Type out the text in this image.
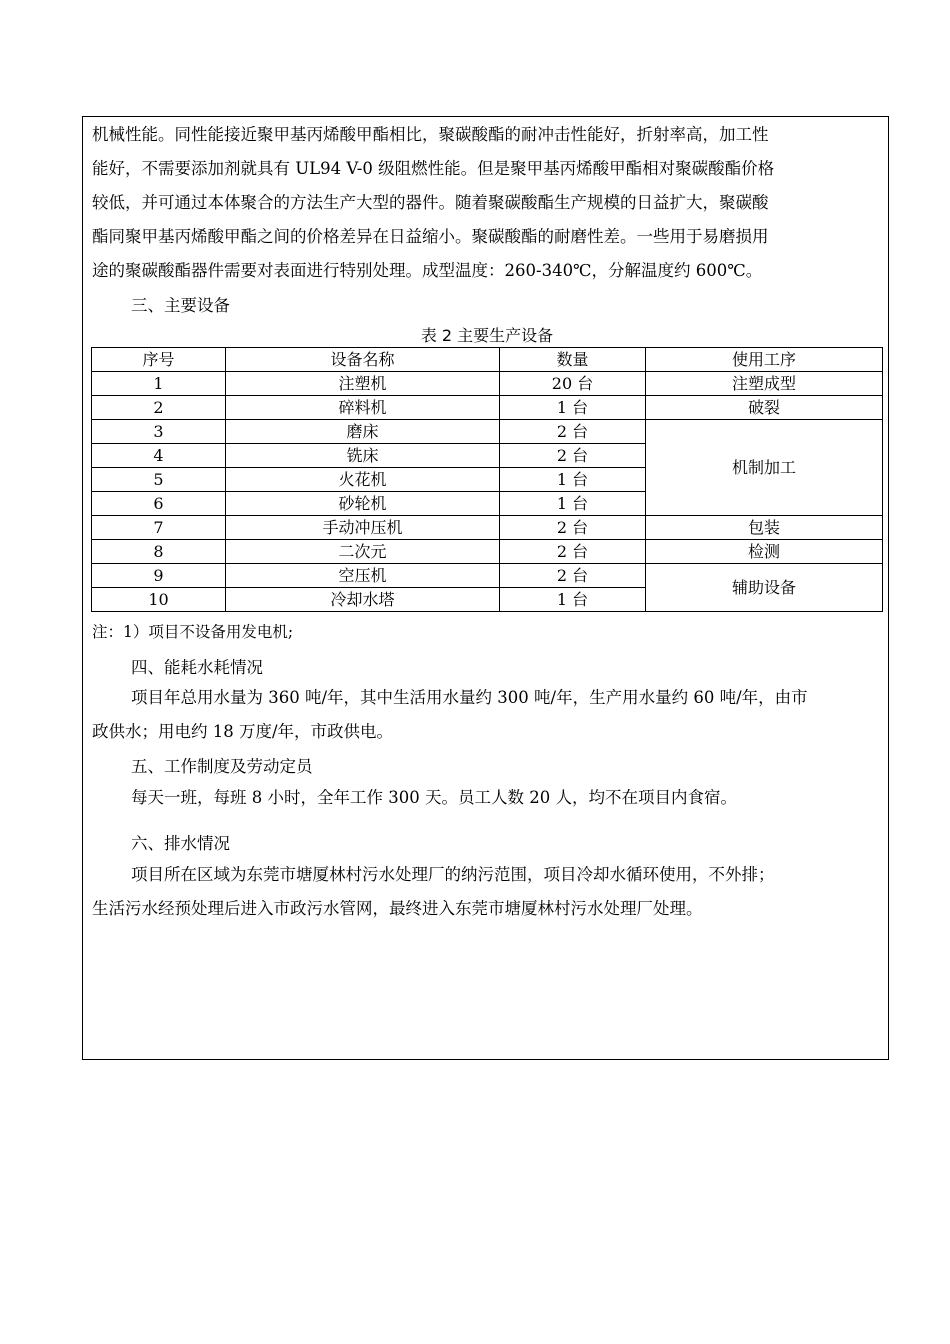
机械性能。同性能接近聚甲基丙烯酸甲酯相比，聚碳酸酯的耐冲击性能好，折射率高，加工性

能好，不需要添加剂就具有 UL94 V-0 级阻燃性能。但是聚甲基丙烯酸甲酯相对聚碳酸酯价格

较低，并可通过本体聚合的方法生产大型的器件。随着聚碳酸酯生产规模的日益扩大，聚碳酸

酯同聚甲基丙烯酸甲酯之间的价格差异在日益缩小。聚碳酸酯的耐磨性差。一些用于易磨损用

途的聚碳酸酯器件需要对表面进行特别处理。成型温度：260-340℃，分解温度约 600℃。

三、主要设备

表 2 主要生产设备

序号	设备名称	数量	使用工序
1	注塑机	20 台	注塑成型
2	碎料机	1 台	破裂
3	磨床	2 台	机制加工
4	铣床	2 台	
5	火花机	1 台	
6	砂轮机	1 台	
7	手动冲压机	2 台	包装
8	二次元	2 台	检测
9	空压机	2 台	辅助设备
10	冷却水塔	1 台	

注：1）项目不设备用发电机;

四、能耗水耗情况

项目年总用水量为 360 吨/年，其中生活用水量约 300 吨/年，生产用水量约 60 吨/年，由市

政供水；用电约 18 万度/年，市政供电。

五、工作制度及劳动定员

每天一班，每班 8 小时，全年工作 300 天。员工人数 20 人，均不在项目内食宿。

六、排水情况

项目所在区域为东莞市塘厦林村污水处理厂的纳污范围，项目冷却水循环使用，不外排；

生活污水经预处理后进入市政污水管网，最终进入东莞市塘厦林村污水处理厂处理。
